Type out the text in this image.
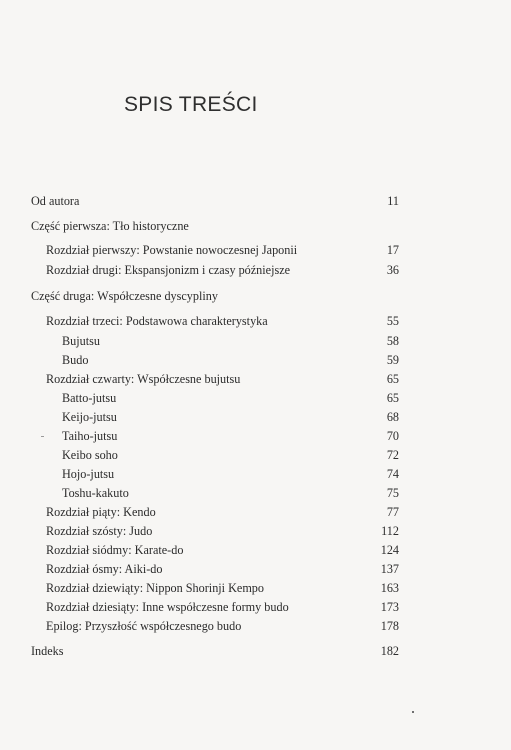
SPIS TREŚCI
Od autora	11
Część pierwsza: Tło historyczne
Rozdział pierwszy: Powstanie nowoczesnej Japonii	17
Rozdział drugi: Ekspansjonizm i czasy późniejsze	36
Część druga: Współczesne dyscypliny
Rozdział trzeci: Podstawowa charakterystyka	55
Bujutsu	58
Budo	59
Rozdział czwarty: Współczesne bujutsu	65
Batto-jutsu	65
Keijo-jutsu	68
Taiho-jutsu	70
Keibo soho	72
Hojo-jutsu	74
Toshu-kakuto	75
Rozdział piąty: Kendo	77
Rozdział szósty: Judo	112
Rozdział siódmy: Karate-do	124
Rozdział ósmy: Aiki-do	137
Rozdział dziewiąty: Nippon Shorinji Kempo	163
Rozdział dziesiąty: Inne współczesne formy budo	173
Epilog: Przyszłość współczesnego budo	178
Indeks	182
